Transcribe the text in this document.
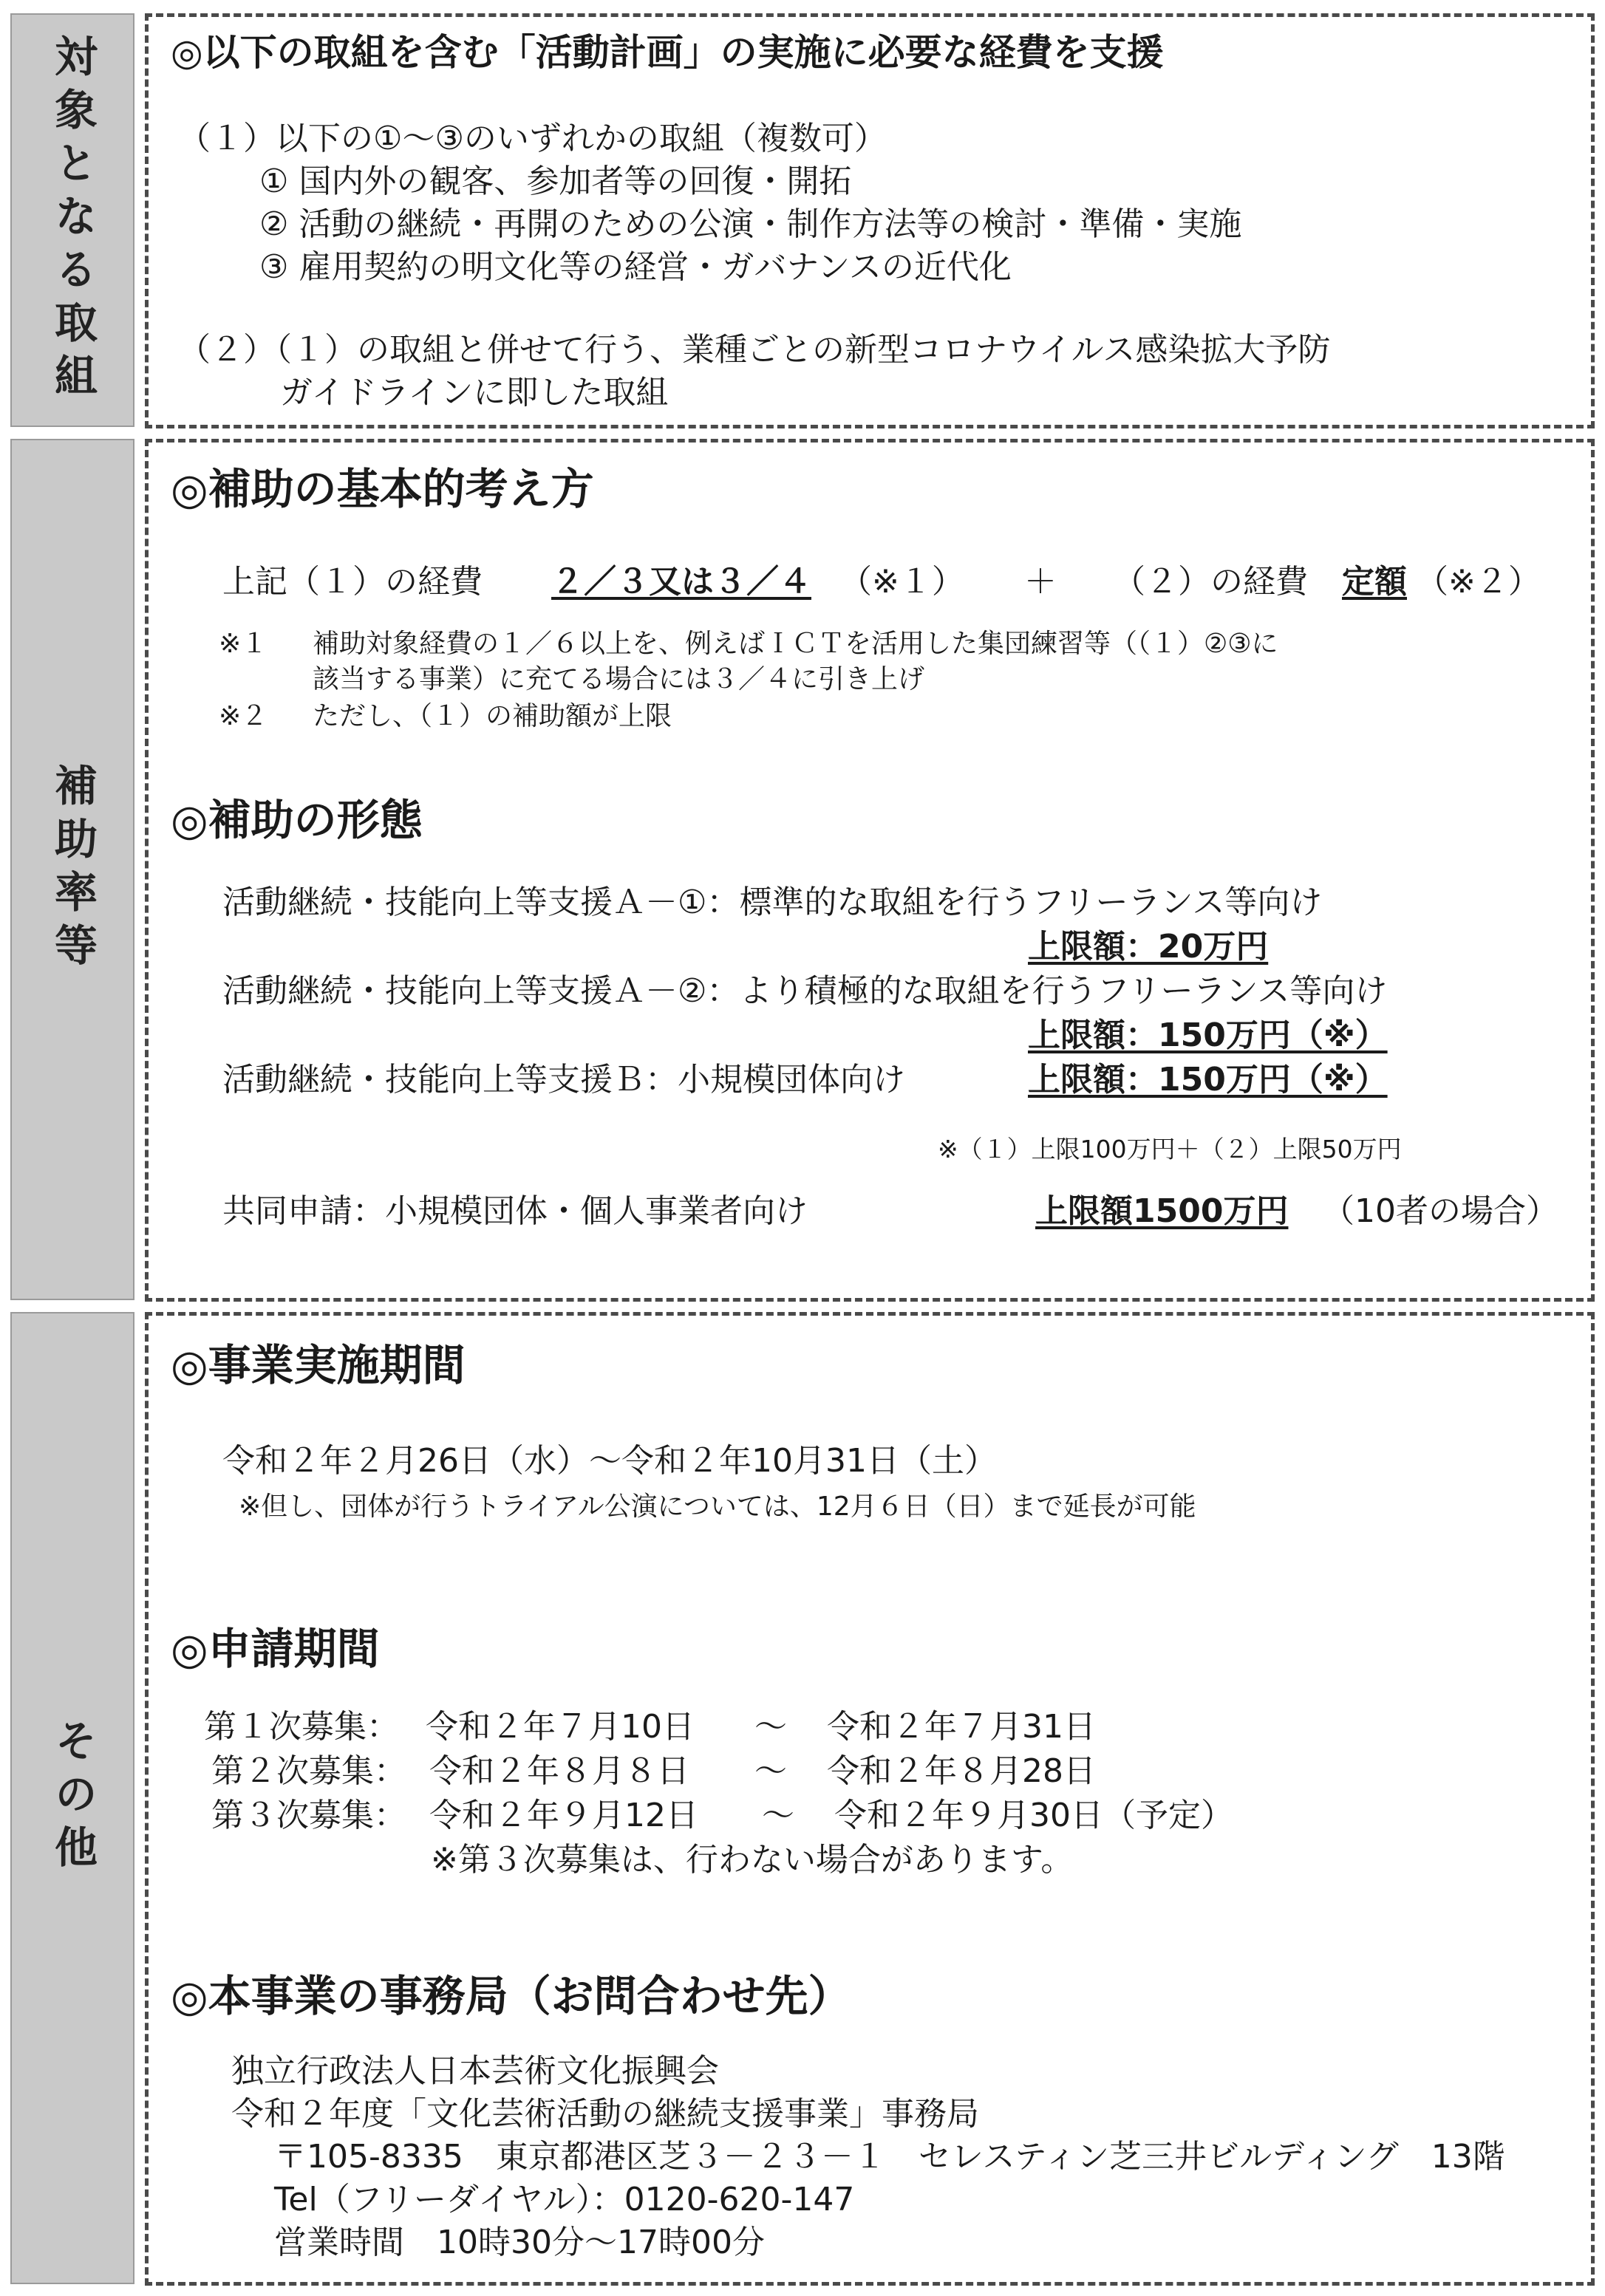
対象となる取組 ◎以下の取組を含む「活動計画」の実施に必要な経費を支援
（１）以下の①～③のいずれかの取組（複数可）
① 国内外の観客、参加者等の回復・開拓
② 活動の継続・再開のための公演・制作方法等の検討・準備・実施
③ 雇用契約の明文化等の経営・ガバナンスの近代化
（２）（１）の取組と併せて行う、業種ごとの新型コロナウイルス感染拡大予防
ガイドラインに即した取組
補助率等
◎補助の基本的考え方
上記（１）の経費 ２／３又は３／４ （※１） ＋ （２）の経費 定額 （※２）
※１ 補助対象経費の１／６以上を、例えばＩＣＴを活用した集団練習等（（１）②③に
該当する事業）に充てる場合には３／４に引き上げ
※２ ただし、（１）の補助額が上限
◎補助の形態
活動継続・技能向上等支援Ａ－①：標準的な取組を行うフリーランス等向け
上限額：20万円
活動継続・技能向上等支援Ａ－②：より積極的な取組を行うフリーランス等向け
上限額：150万円（※）
活動継続・技能向上等支援Ｂ：小規模団体向け	上限額：150万円（※）
※（１）上限100万円＋（２）上限50万円
共同申請：小規模団体・個人事業者向け	上限額1500万円 （10者の場合）
その他
◎事業実施期間
令和２年２月26日（水）～令和２年10月31日（土）
※但し、団体が行うトライアル公演については、12月６日（日）まで延長が可能
◎申請期間
第１次募集： 令和２年７月10日 ～ 令和２年７月31日
第２次募集： 令和２年８月８日 ～ 令和２年８月28日
第３次募集： 令和２年９月12日 ～ 令和２年９月30日（予定）
※第３次募集は、行わない場合があります。
◎本事業の事務局（お問合わせ先）
独立行政法人日本芸術文化振興会
令和２年度「文化芸術活動の継続支援事業」事務局
〒105-8335　東京都港区芝３－２３－１　セレスティン芝三井ビルディング　13階
Tel（フリーダイヤル）：0120-620-147
営業時間　10時30分～17時00分
